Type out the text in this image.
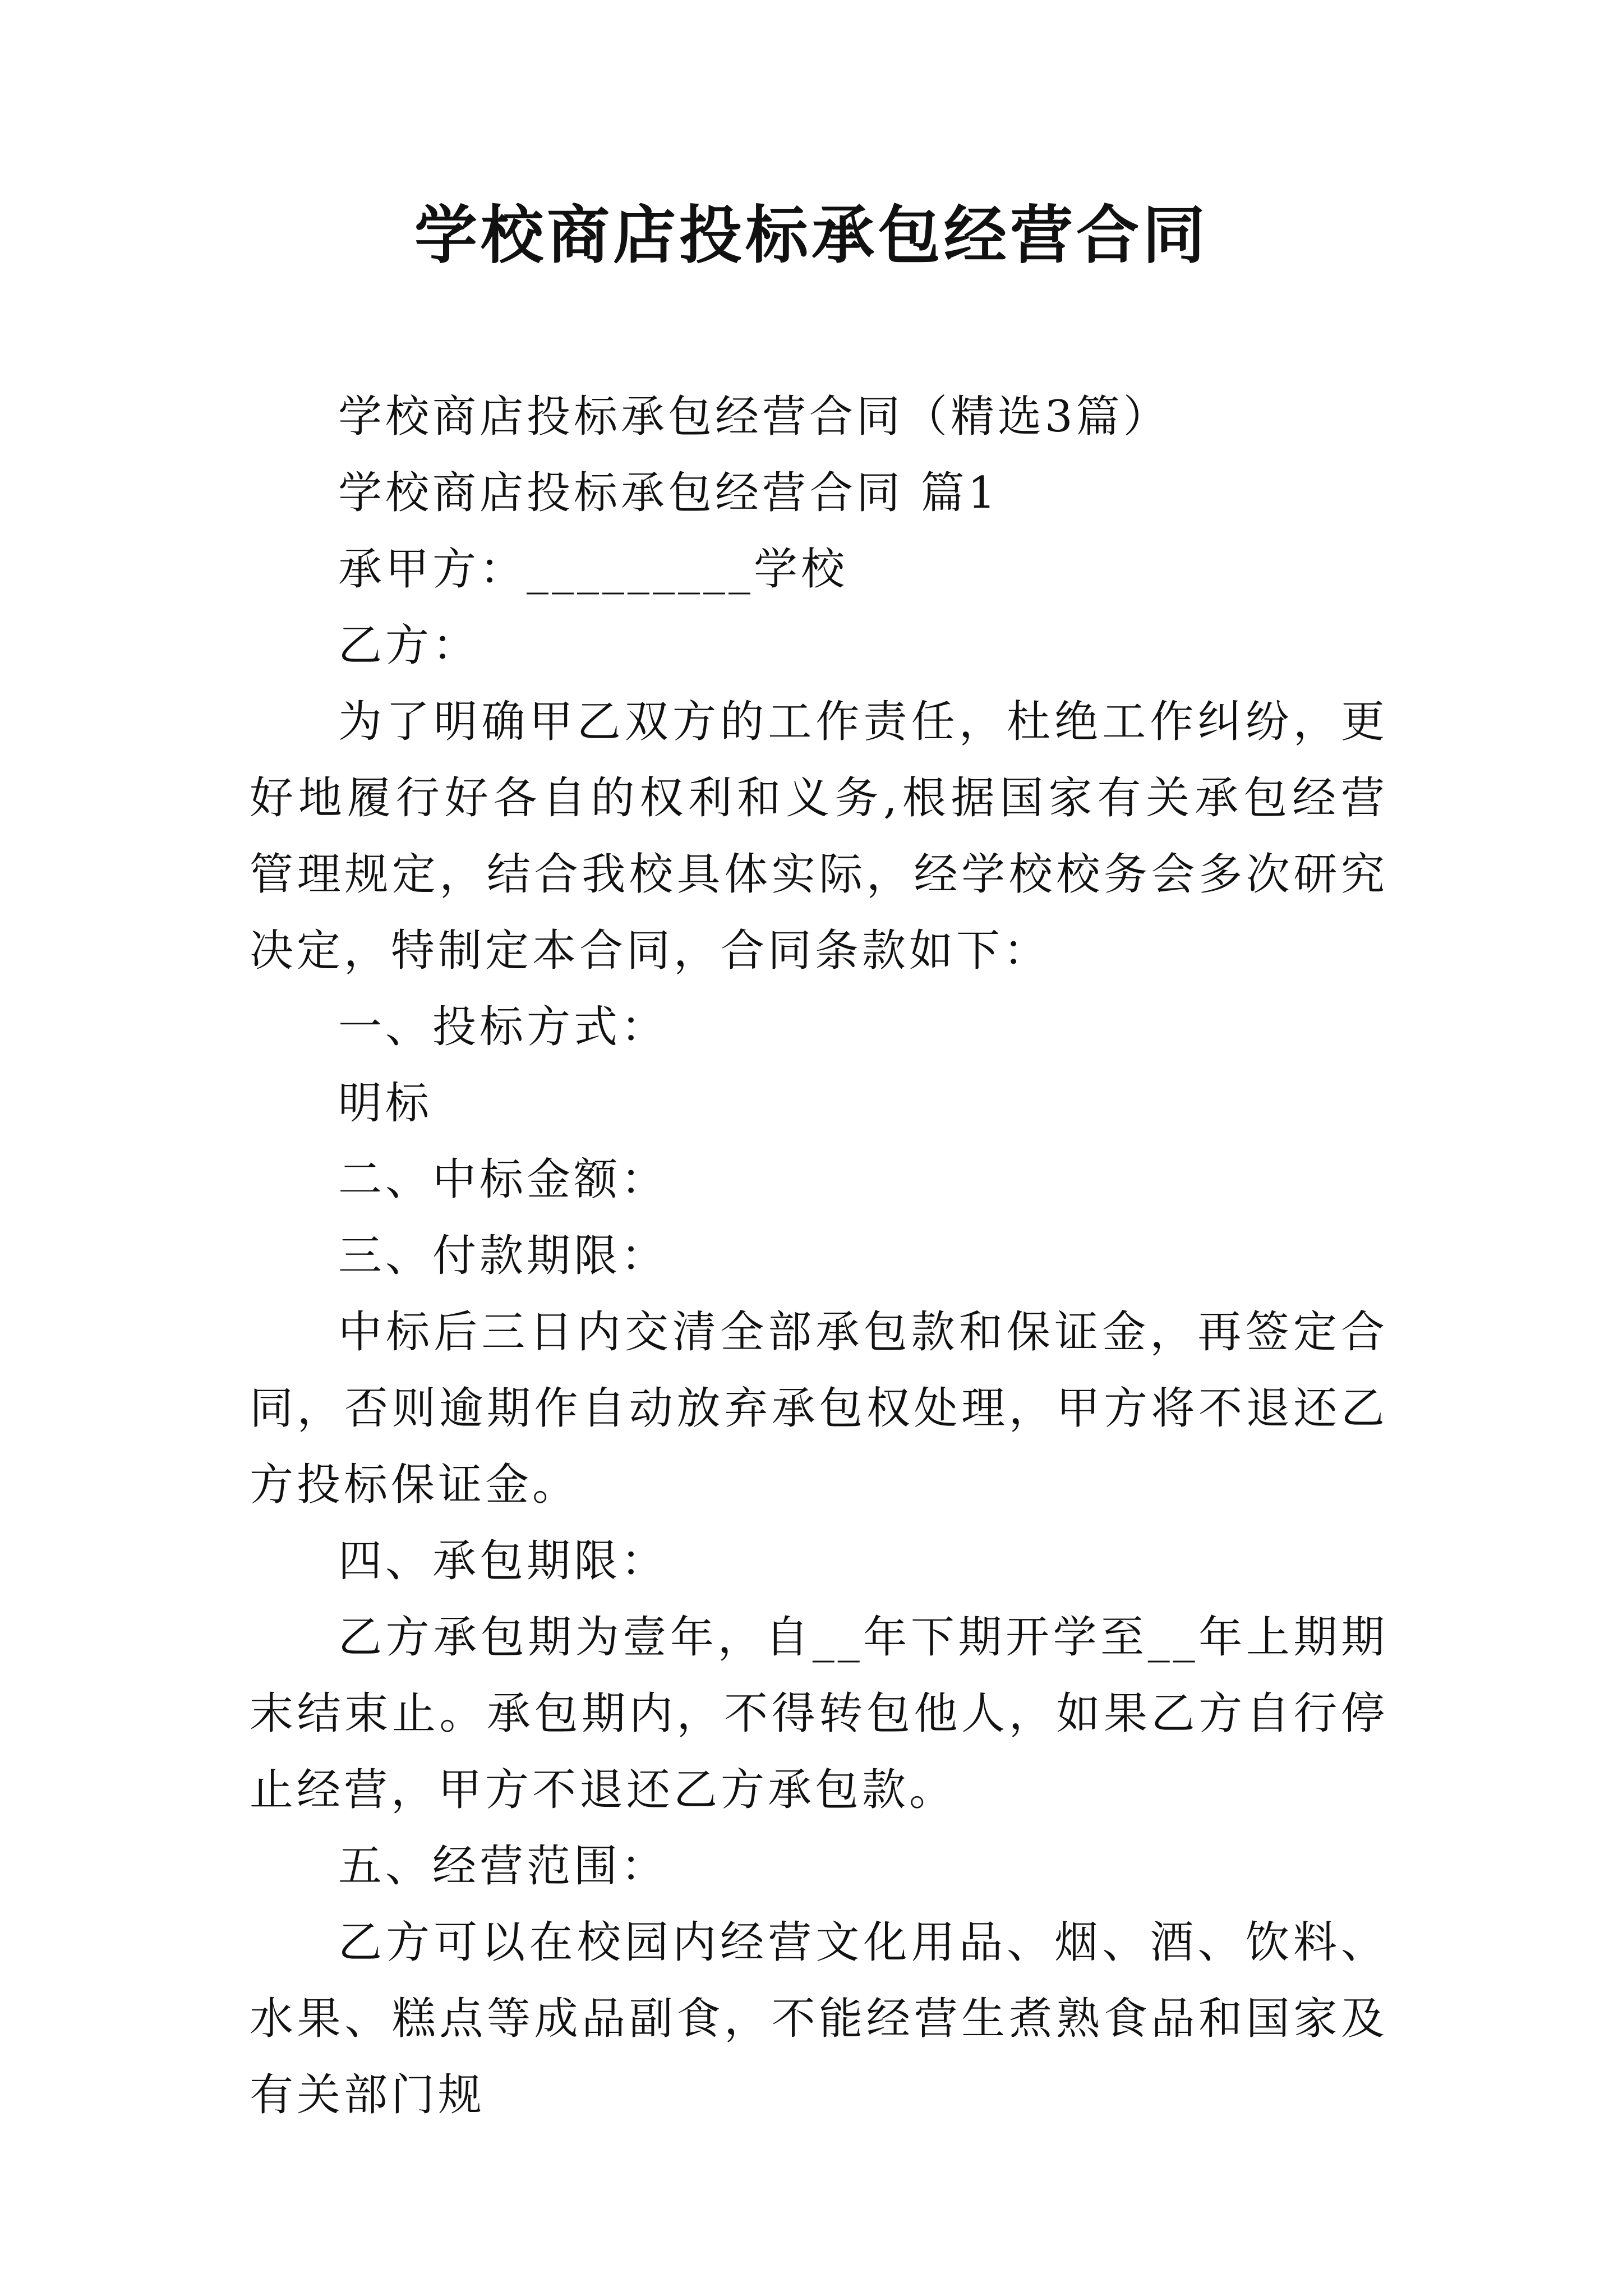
学校商店投标承包经营合同

学校商店投标承包经营合同（精选3篇）

学校商店投标承包经营合同 篇1

承甲方：_________学校

乙方：

为了明确甲乙双方的工作责任，杜绝工作纠纷，更好地履行好各自的权利和义务,根据国家有关承包经营管理规定，结合我校具体实际，经学校校务会多次研究决定，特制定本合同，合同条款如下：

一、投标方式：

明标

二、中标金额：

三、付款期限：

中标后三日内交清全部承包款和保证金，再签定合同，否则逾期作自动放弃承包权处理，甲方将不退还乙方投标保证金。

四、承包期限：

乙方承包期为壹年，自__年下期开学至__年上期期末结束止。承包期内，不得转包他人，如果乙方自行停止经营，甲方不退还乙方承包款。

五、经营范围：

乙方可以在校园内经营文化用品、烟、酒、饮料、水果、糕点等成品副食，不能经营生煮熟食品和国家及有关部门规
